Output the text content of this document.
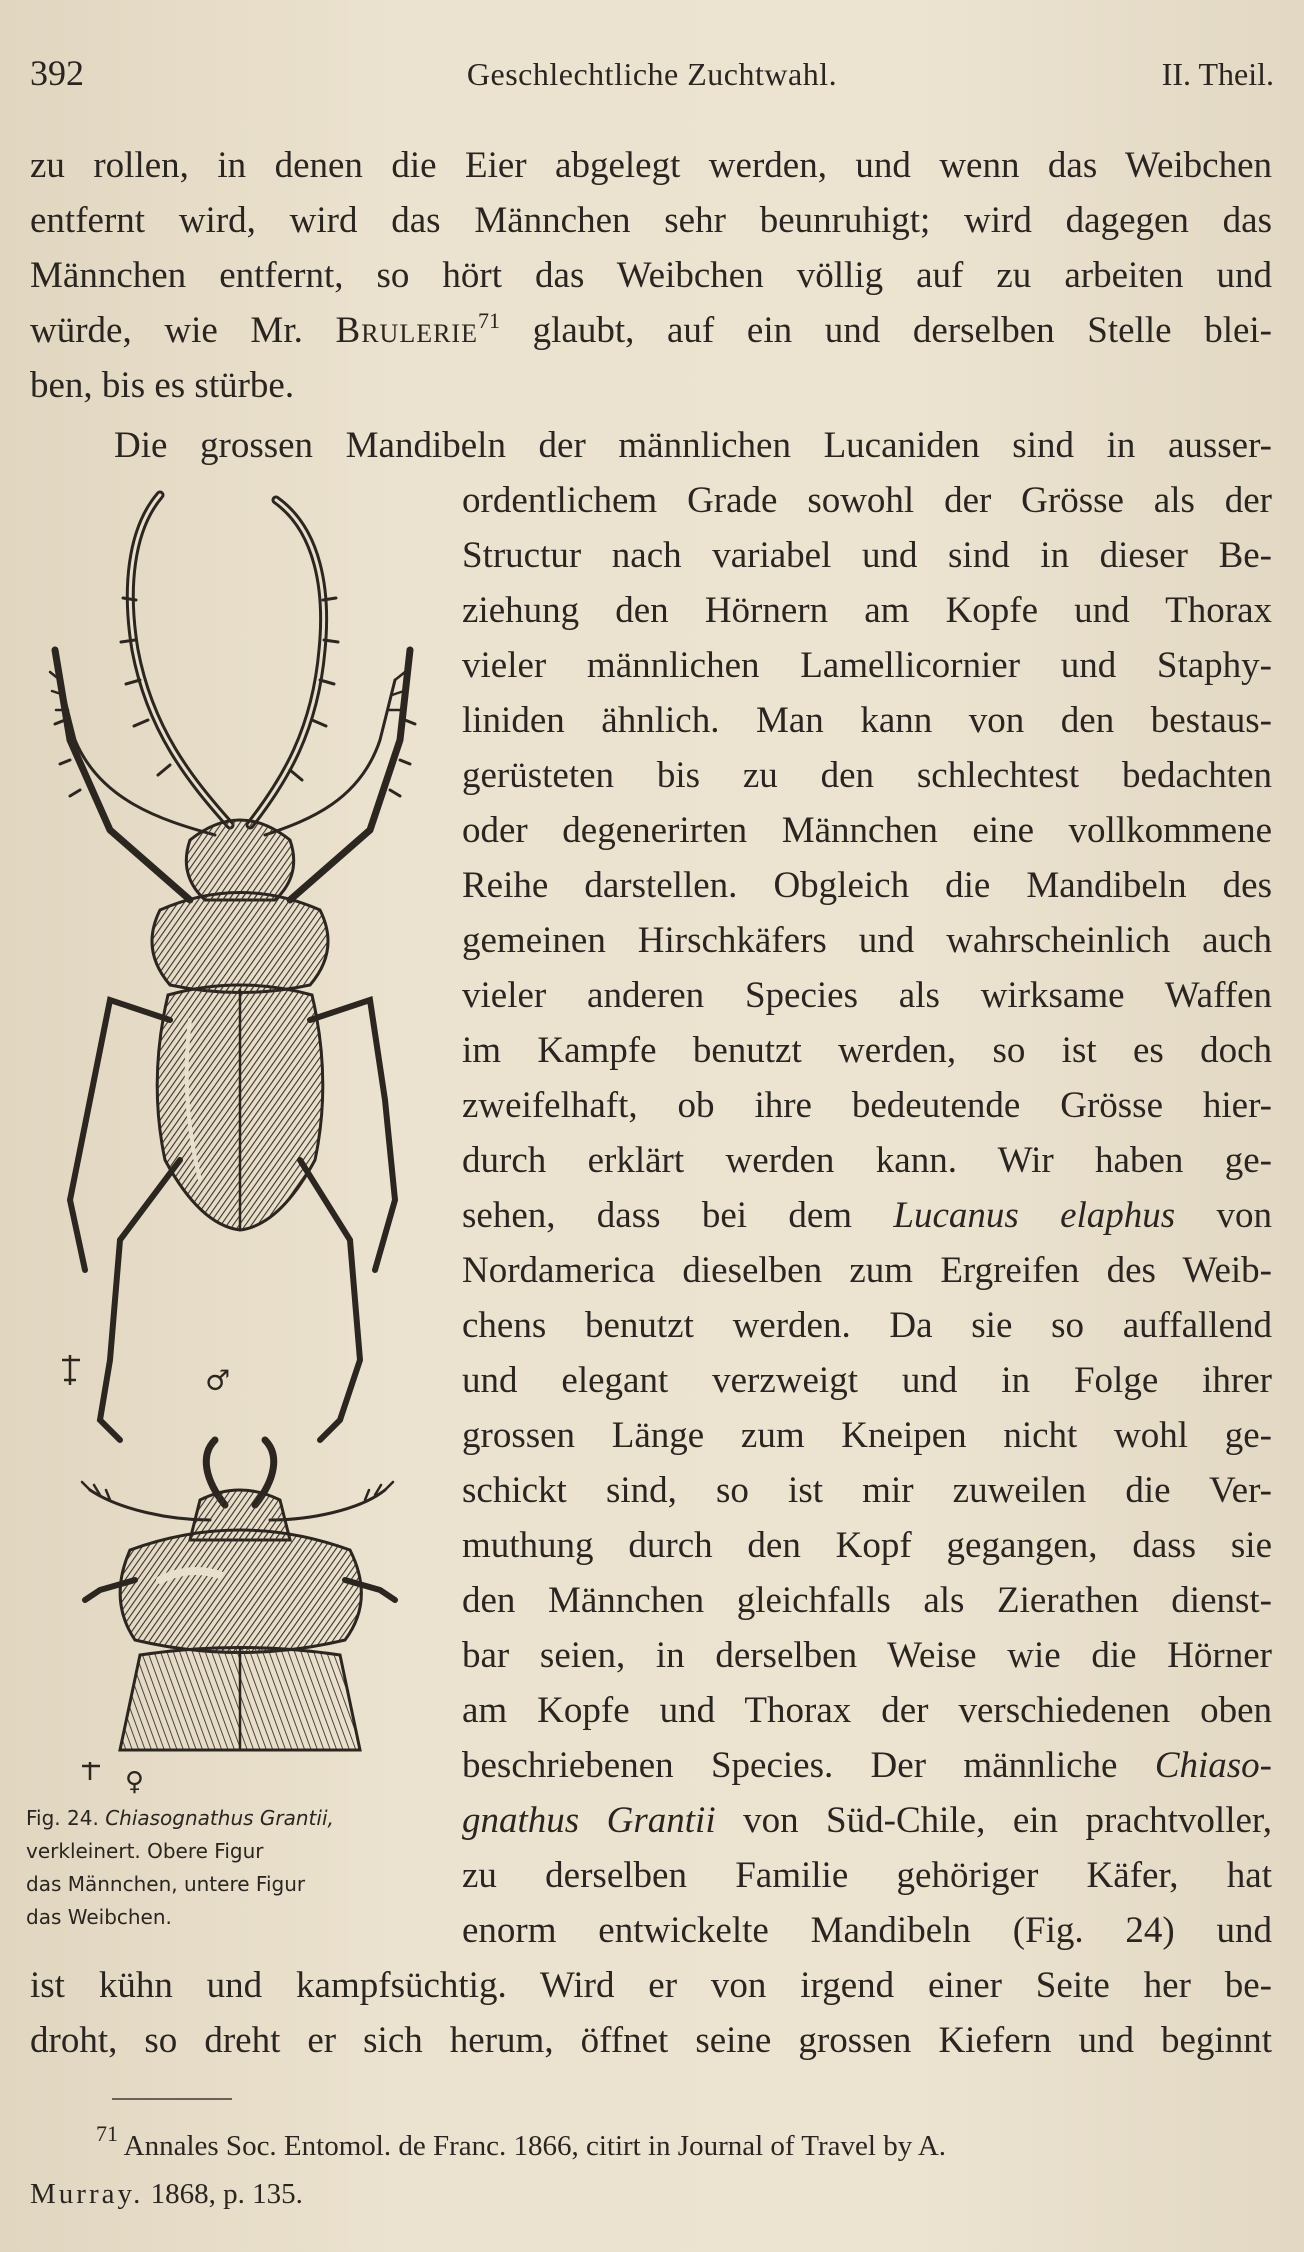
392	Geschlechtliche Zuchtwahl.	II. Theil.
zu rollen, in denen die Eier abgelegt werden, und wenn das Weibchen
entfernt wird, wird das Männchen sehr beunruhigt; wird dagegen das
Männchen entfernt, so hört das Weibchen völlig auf zu arbeiten und
würde, wie Mr. Brulerie$^{71}$ glaubt, auf ein und derselben Stelle blei-
ben, bis es stürbe.
Die grossen Mandibeln der männlichen Lucaniden sind in ausser-
ordentlichem Grade sowohl der Grösse als der
Structur nach variabel und sind in dieser Be-
ziehung den Hörnern am Kopfe und Thorax
vieler männlichen Lamellicornier und Staphy-
liniden ähnlich. Man kann von den bestaus-
gerüsteten bis zu den schlechtest bedachten
oder degenerirten Männchen eine vollkommene
Reihe darstellen. Obgleich die Mandibeln des
gemeinen Hirschkäfers und wahrscheinlich auch
vieler anderen Species als wirksame Waffen
im Kampfe benutzt werden, so ist es doch
zweifelhaft, ob ihre bedeutende Grösse hier-
durch erklärt werden kann. Wir haben ge-
sehen, dass bei dem Lucanus elaphus von
Nordamerica dieselben zum Ergreifen des Weib-
chens benutzt werden. Da sie so auffallend
und elegant verzweigt und in Folge ihrer
grossen Länge zum Kneipen nicht wohl ge-
schickt sind, so ist mir zuweilen die Ver-
muthung durch den Kopf gegangen, dass sie
den Männchen gleichfalls als Zierathen dienst-
bar seien, in derselben Weise wie die Hörner
am Kopfe und Thorax der verschiedenen oben
beschriebenen Species. Der männliche Chiaso-
gnathus Grantii von Süd-Chile, ein prachtvoller,
zu derselben Familie gehöriger Käfer, hat
enorm entwickelte Mandibeln (Fig. 24) und
ist kühn und kampfsüchtig. Wird er von irgend einer Seite her be-
droht, so dreht er sich herum, öffnet seine grossen Kiefern und beginnt
♂
♀
Fig. 24. Chiasognathus Grantii,
verkleinert. Obere Figur
das Männchen, untere Figur
das Weibchen.
$^{71}$ Annales Soc. Entomol. de Franc. 1866, citirt in Journal of Travel by A.
Murray. 1868, p. 135.
